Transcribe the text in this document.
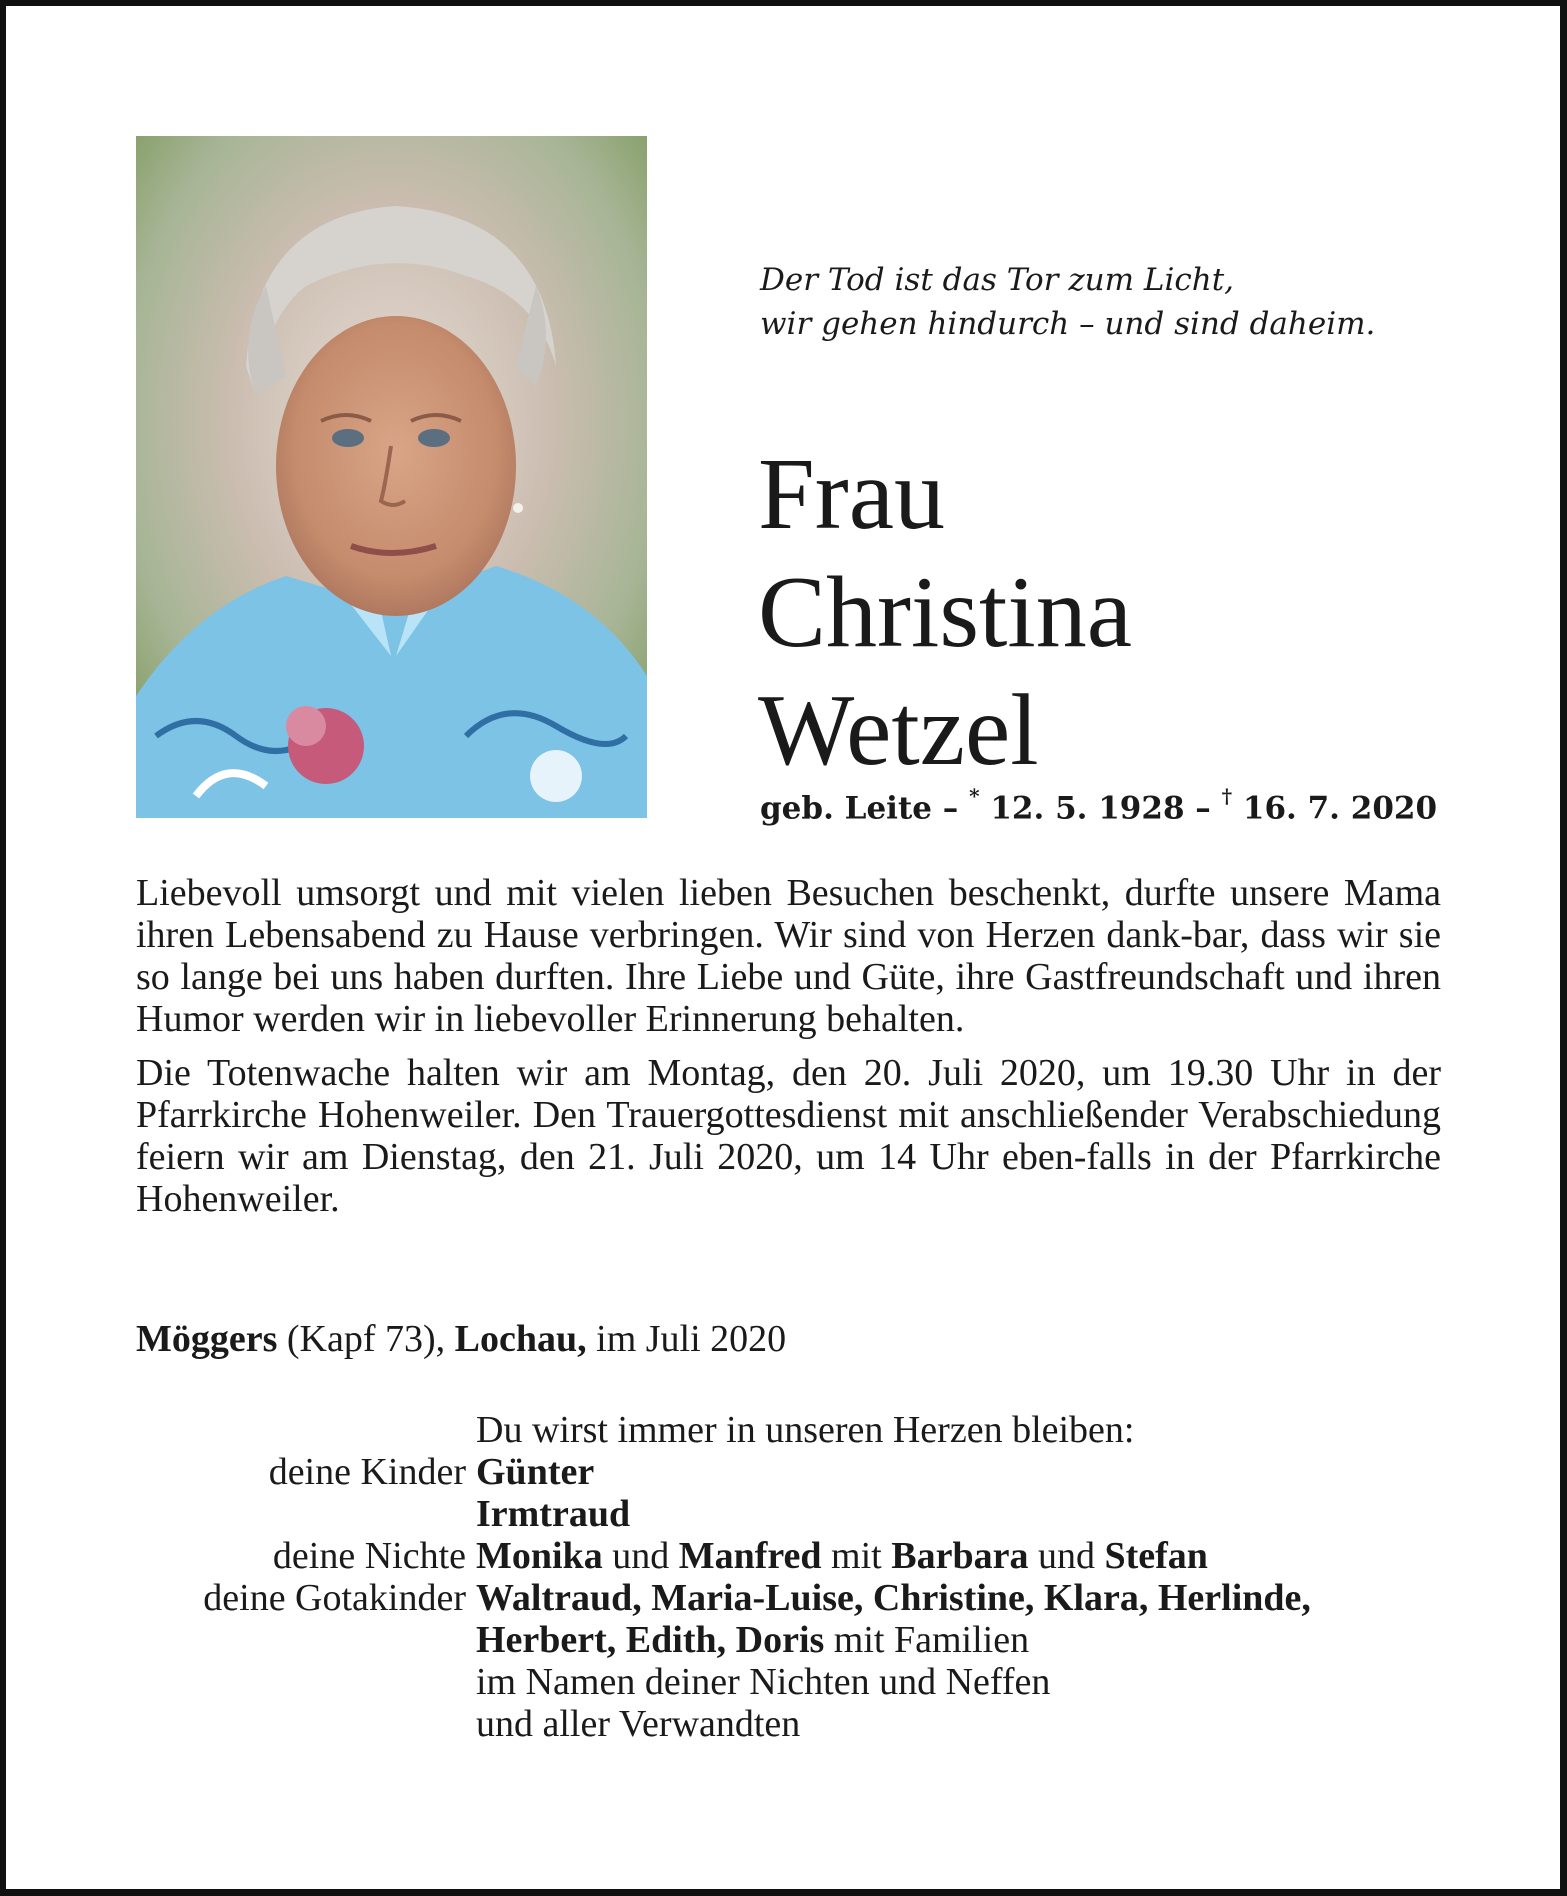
Der Tod ist das Tor zum Licht,
wir gehen hindurch – und sind daheim.
Frau
Christina
Wetzel
geb. Leite – * 12. 5. 1928 – † 16. 7. 2020

Liebevoll umsorgt und mit vielen lieben Besuchen beschenkt, durfte unsere Mama ihren Lebensabend zu Hause verbringen. Wir sind von Herzen dank-bar, dass wir sie so lange bei uns haben durften. Ihre Liebe und Güte, ihre Gastfreundschaft und ihren Humor werden wir in liebevoller Erinnerung behalten.

Die Totenwache halten wir am Montag, den 20. Juli 2020, um 19.30 Uhr in der Pfarrkirche Hohenweiler. Den Trauergottesdienst mit anschließender Verabschiedung feiern wir am Dienstag, den 21. Juli 2020, um 14 Uhr eben-falls in der Pfarrkirche Hohenweiler.

Möggers (Kapf 73), Lochau, im Juli 2020
Du wirst immer in unseren Herzen bleiben:
deine Kinder Günter
Irmtraud
deine Nichte Monika und Manfred mit Barbara und Stefan
deine Gotakinder Waltraud, Maria-Luise, Christine, Klara, Herlinde,
Herbert, Edith, Doris mit Familien
im Namen deiner Nichten und Neffen
und aller Verwandten
